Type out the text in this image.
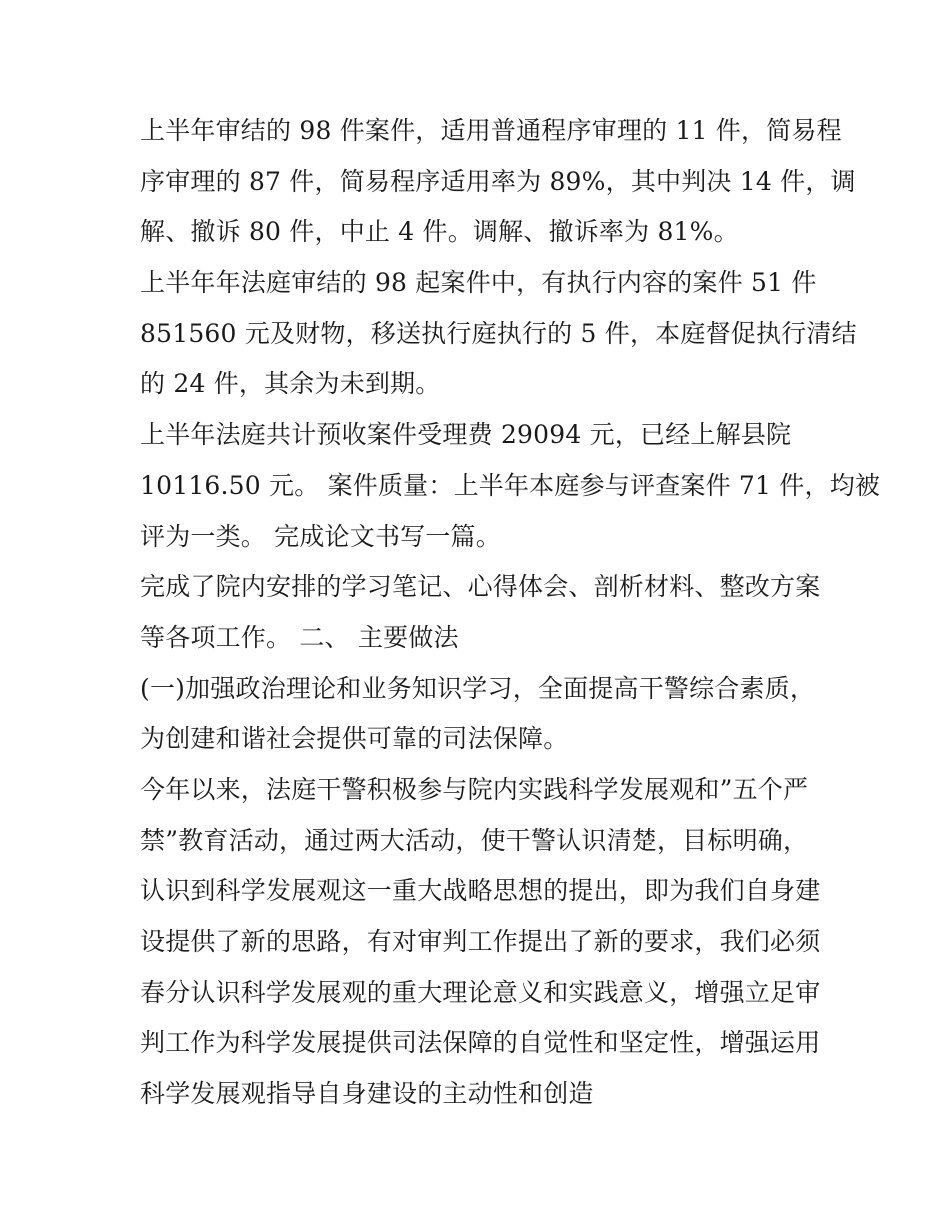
上半年审结的 98 件案件，适用普通程序审理的 11 件，简易程
序审理的 87 件，简易程序适用率为 89%，其中判决 14 件，调
解、撤诉 80 件，中止 4 件。调解、撤诉率为 81%。
上半年年法庭审结的 98 起案件中，有执行内容的案件 51 件
851560 元及财物，移送执行庭执行的 5 件，本庭督促执行清结
的 24 件，其余为未到期。
上半年法庭共计预收案件受理费 29094 元，已经上解县院
10116.50 元。 案件质量：上半年本庭参与评查案件 71 件，均被
评为一类。 完成论文书写一篇。
完成了院内安排的学习笔记、心得体会、剖析材料、整改方案
等各项工作。 二、 主要做法
(一)加强政治理论和业务知识学习，全面提高干警综合素质，
为创建和谐社会提供可靠的司法保障。
今年以来，法庭干警积极参与院内实践科学发展观和”五个严
禁”教育活动，通过两大活动，使干警认识清楚，目标明确，
认识到科学发展观这一重大战略思想的提出，即为我们自身建
设提供了新的思路，有对审判工作提出了新的要求，我们必须
春分认识科学发展观的重大理论意义和实践意义，增强立足审
判工作为科学发展提供司法保障的自觉性和坚定性，增强运用
科学发展观指导自身建设的主动性和创造
